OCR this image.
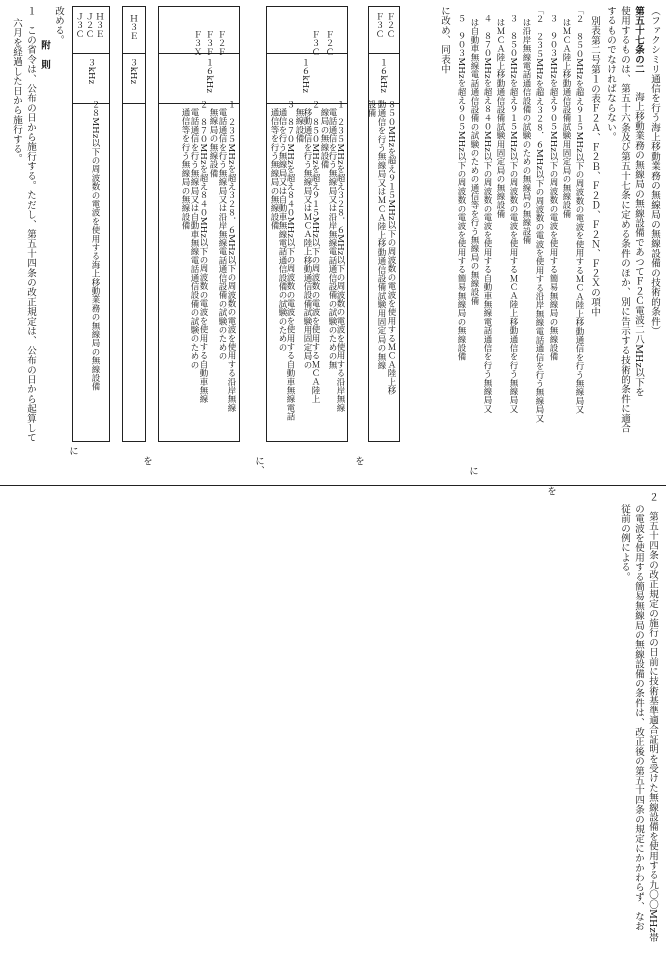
（ファクシミリ通信を行う海上移動業務の無線局の無線設備の技術的条件）
第五十七条の二
海上移動業務の無線局の無線設備であつてＦ２Ｃ電波二八MHz以下を
使用するものは、第五十六条及び第五十七条に定める条件のほか、別に告示する技術的条件に適合
するものでなければならない。
別表第二号第１の表Ｆ２Ａ、Ｆ２Ｂ、Ｆ２Ｄ、Ｆ２Ｎ、Ｆ２Ｘの項中
「２　８５０MHzを超え９１５MHz以下の周波数の電波を使用するＭＣＡ陸上移動通信を行う無線局又
はＭＣＡ陸上移動通信設備試験用固定局の無線設備
３　９０３MHzを超え９０５MHz以下の周波数の電波を使用する簡易無線局の無線設備
を
「２　２３５MHzを超え３２８．６MHz以下の周波数の電波を使用する沿岸無線電話通信を行う無線局又
は沿岸無線電話通信設備の試験のための無線局の無線設備
３　８５０MHzを超え９１５MHz以下の周波数の電波を使用するＭＣＡ陸上移動通信を行う無線局又
はＭＣＡ陸上移動通信設備試験用固定局の無線設備
４　８７０MHzを超え８４０MHz以下の周波数の電波を使用する自動車無線電話通信を行う無線局又
は自動車無線電話通信設備の試験のための通信等を行う無線局の無線設備
５　９０３MHzを超え９０５MHz以下の周波数の電波を使用する簡易無線局の無線設備
に
に改め、同表中
Ｆ２Ｃ
Ｆ３Ｃ
１６kHz
８５０MHzを超え９１５MHz以下の周波数の電波を使用するＭＣＡ陸上移
動通信を行う無線局又はＭＣＡ陸上移動通信設備試験用固定局の無線
設備
を
Ｆ２Ｃ
Ｆ３Ｃ
１６kHz
１　２３５MHzを超え３２８．６MHz以下の周波数の電波を使用する沿岸無線
電話通信を行う無線局又は沿岸無線電話通信設備の試験のための無
線局の無線設備
２　８５０MHzを超え９１５MHz以下の周波数の電波を使用するＭＣＡ陸上
移動通信を行う無線局又はＭＣＡ陸上移動通信設備試験用固定局の
無線設備
３　８７０MHzを超え８４０MHz以下の周波数の電波を使用する自動車無線電話
通信を行う無線局又は自動車無線電話通信設備の試験のための
通信等を行う無線局の無線設備
に、
Ｆ２Ｆ
Ｆ３Ｆ
Ｆ３Ｘ
１６kHz
１　２３５MHzを超え３２８．６MHz以下の周波数の電波を使用する沿岸無線
電話通信を行う無線局又は沿岸無線電話通信設備の試験のための
無線局の無線設備
２　８７０MHzを超え８４０MHz以下の周波数の電波を使用する自動車無線
電話通信を行う無線局又は自動車無線電話通信設備の試験のための
通信等を行う無線局の無線設備
を
Ｈ３Ｅ
３kHz
Ｈ３Ｅ
Ｊ２Ｃ
Ｊ３Ｃ
３kHz
２８MHz以下の周波数の電波を使用する海上移動業務の無線局の無線設備
に
改める。
附　則
１　この省令は、公布の日から施行する。ただし、第五十四条の改正規定は、公布の日から起算して
六月を経過した日から施行する。
２　第五十四条の改正規定の施行の日前に技術基準適合証明を受けた無線設備を使用する九〇〇MHz帯
の電波を使用する簡易無線局の無線設備の条件は、改正後の第五十四条の規定にかかわらず、なお
従前の例による。
